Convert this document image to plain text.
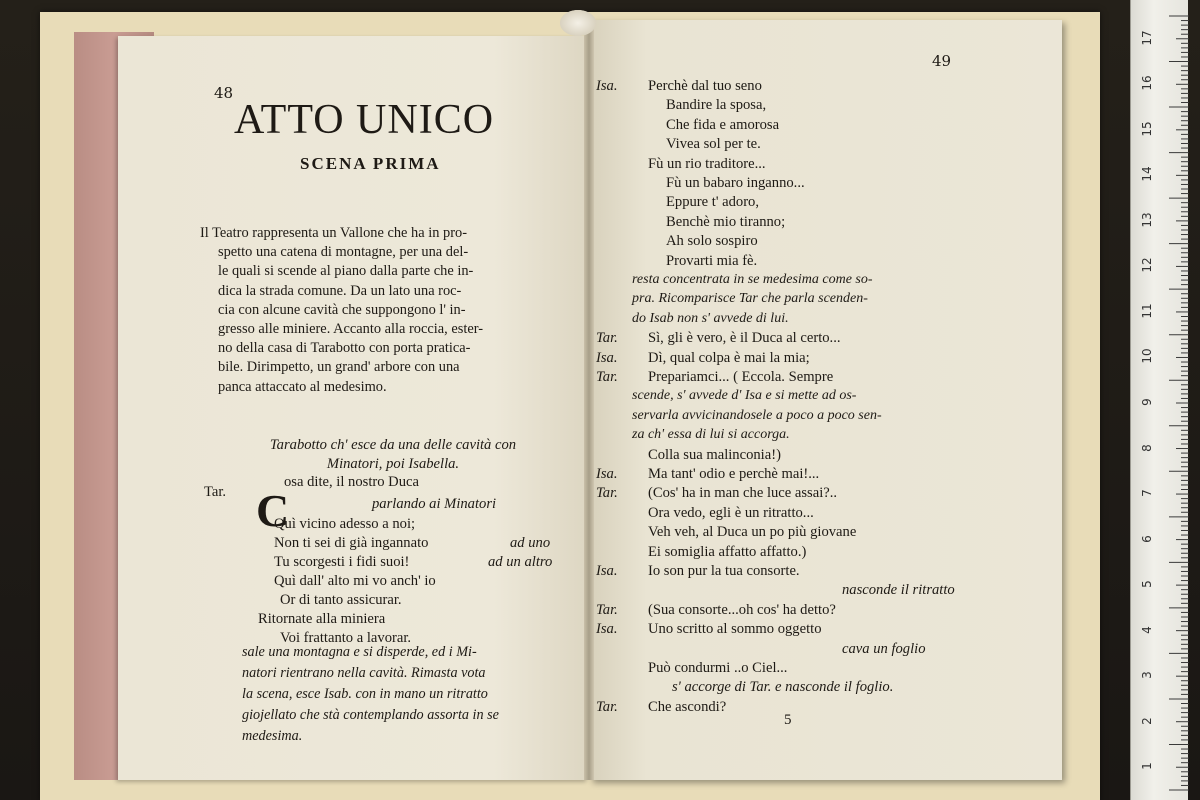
48
ATTO UNICO
SCENA PRIMA
Il Teatro rappresenta un Vallone che ha in pro-
spetto una catena di montagne, per una del-
le quali si scende al piano dalla parte che in-
dica la strada comune. Da un lato una roc-
cia con alcune cavità che suppongono l' in-
gresso alle miniere. Accanto alla roccia, ester-
no della casa di Tarabotto con porta pratica-
bile. Dirimpetto, un grand' arbore con una
panca attaccato al medesimo.
Tarabotto ch' esce da una delle cavità con
Minatori, poi Isabella.
Tar. C
osa dite, il nostro Duca
parlando ai Minatori
Quì vicino adesso a noi;
Non ti sei di già ingannato	ad uno
Tu scorgesti i fidi suoi!	ad un altro
Quì dall' alto mi vo anch' io
Or di tanto assicurar.
Ritornate alla miniera
Voi frattanto a lavorar.
sale una montagna e si disperde, ed i Mi-
natori rientrano nella cavità. Rimasta vota
la scena, esce Isab. con in mano un ritratto
giojellato che stà contemplando assorta in se
medesima.
49
Isa. Perchè dal tuo seno
Bandire la sposa,
Che fida e amorosa
Vivea sol per te.
Fù un rio traditore...
Fù un babaro inganno...
Eppure t' adoro,
Benchè mio tiranno;
Ah solo sospiro
Provarti mia fè.
resta concentrata in se medesima come so-
pra. Ricomparisce Tar che parla scenden-
do Isab non s' avvede di lui.
Tar. Sì, gli è vero, è il Duca al certo...
Isa. Dì, qual colpa è mai la mia;
Tar. Prepariamci... ( Eccola. Sempre
scende, s' avvede d' Isa e si mette ad os-
servarla avvicinandosele a poco a poco sen-
za ch' essa di lui si accorga.
Colla sua malinconia!)
Isa. Ma tant' odio e perchè mai!...
Tar. (Cos' ha in man che luce assai?..
Ora vedo, egli è un ritratto...
Veh veh, al Duca un po più giovane
Ei somiglia affatto affatto.)
Isa. Io son pur la tua consorte.
nasconde il ritratto
Tar. (Sua consorte...oh cos' ha detto?
Isa. Uno scritto al sommo oggetto
cava un foglio
Può condurmi ..o Ciel...
s' accorge di Tar. e nasconde il foglio.
Tar. Che ascondi?
5
17
16
15
14
13
12
11
10
9
8
7
6
5
4
3
2
1
